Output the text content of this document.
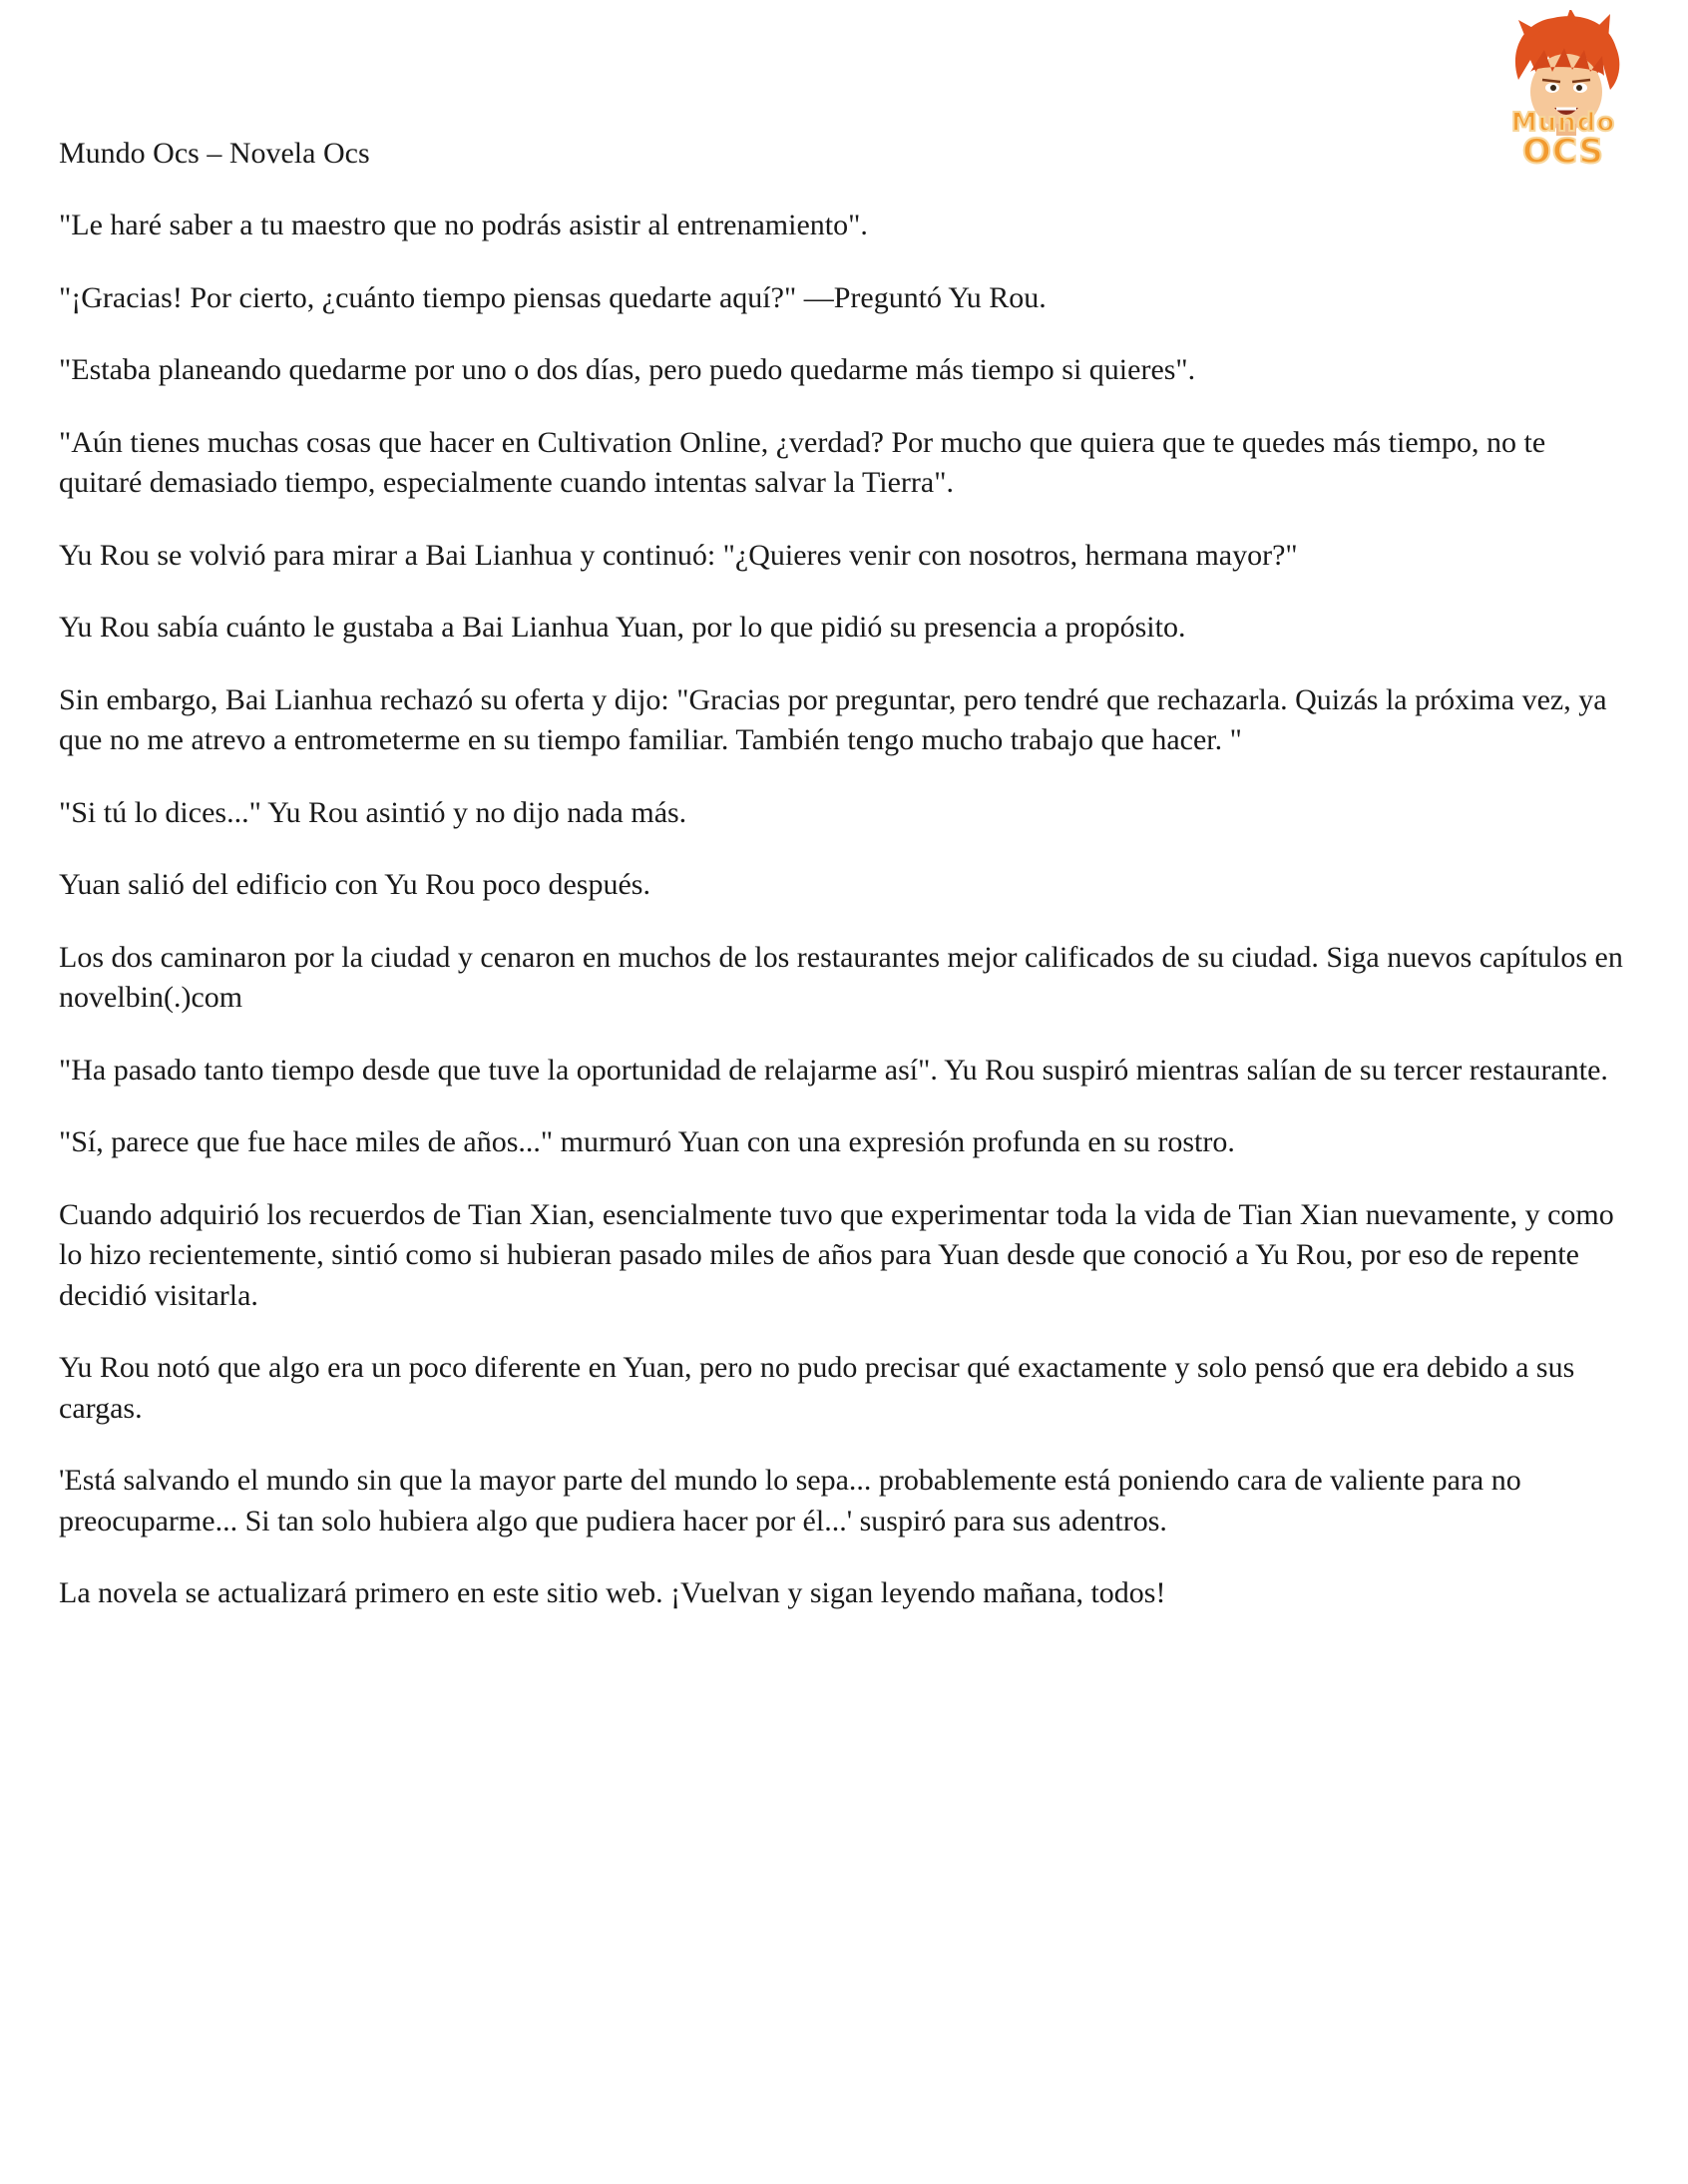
Mundo
OCS

Mundo Ocs – Novela Ocs

"Le haré saber a tu maestro que no podrás asistir al entrenamiento".

"¡Gracias! Por cierto, ¿cuánto tiempo piensas quedarte aquí?" —Preguntó Yu Rou.

"Estaba planeando quedarme por uno o dos días, pero puedo quedarme más tiempo si quieres".

"Aún tienes muchas cosas que hacer en Cultivation Online, ¿verdad? Por mucho que quiera que te quedes más tiempo, no te quitaré demasiado tiempo, especialmente cuando intentas salvar la Tierra".

Yu Rou se volvió para mirar a Bai Lianhua y continuó: "¿Quieres venir con nosotros, hermana mayor?"

Yu Rou sabía cuánto le gustaba a Bai Lianhua Yuan, por lo que pidió su presencia a propósito.

Sin embargo, Bai Lianhua rechazó su oferta y dijo: "Gracias por preguntar, pero tendré que rechazarla. Quizás la próxima vez, ya que no me atrevo a entrometerme en su tiempo familiar. También tengo mucho trabajo que hacer. "

"Si tú lo dices..." Yu Rou asintió y no dijo nada más.

Yuan salió del edificio con Yu Rou poco después.

Los dos caminaron por la ciudad y cenaron en muchos de los restaurantes mejor calificados de su ciudad. Siga nuevos capítulos en novelbin(.)com

"Ha pasado tanto tiempo desde que tuve la oportunidad de relajarme así". Yu Rou suspiró mientras salían de su tercer restaurante.

"Sí, parece que fue hace miles de años..." murmuró Yuan con una expresión profunda en su rostro.

Cuando adquirió los recuerdos de Tian Xian, esencialmente tuvo que experimentar toda la vida de Tian Xian nuevamente, y como lo hizo recientemente, sintió como si hubieran pasado miles de años para Yuan desde que conoció a Yu Rou, por eso de repente decidió visitarla.

Yu Rou notó que algo era un poco diferente en Yuan, pero no pudo precisar qué exactamente y solo pensó que era debido a sus cargas.

'Está salvando el mundo sin que la mayor parte del mundo lo sepa... probablemente está poniendo cara de valiente para no preocuparme... Si tan solo hubiera algo que pudiera hacer por él...' suspiró para sus adentros.

La novela se actualizará primero en este sitio web. ¡Vuelvan y sigan leyendo mañana, todos!
